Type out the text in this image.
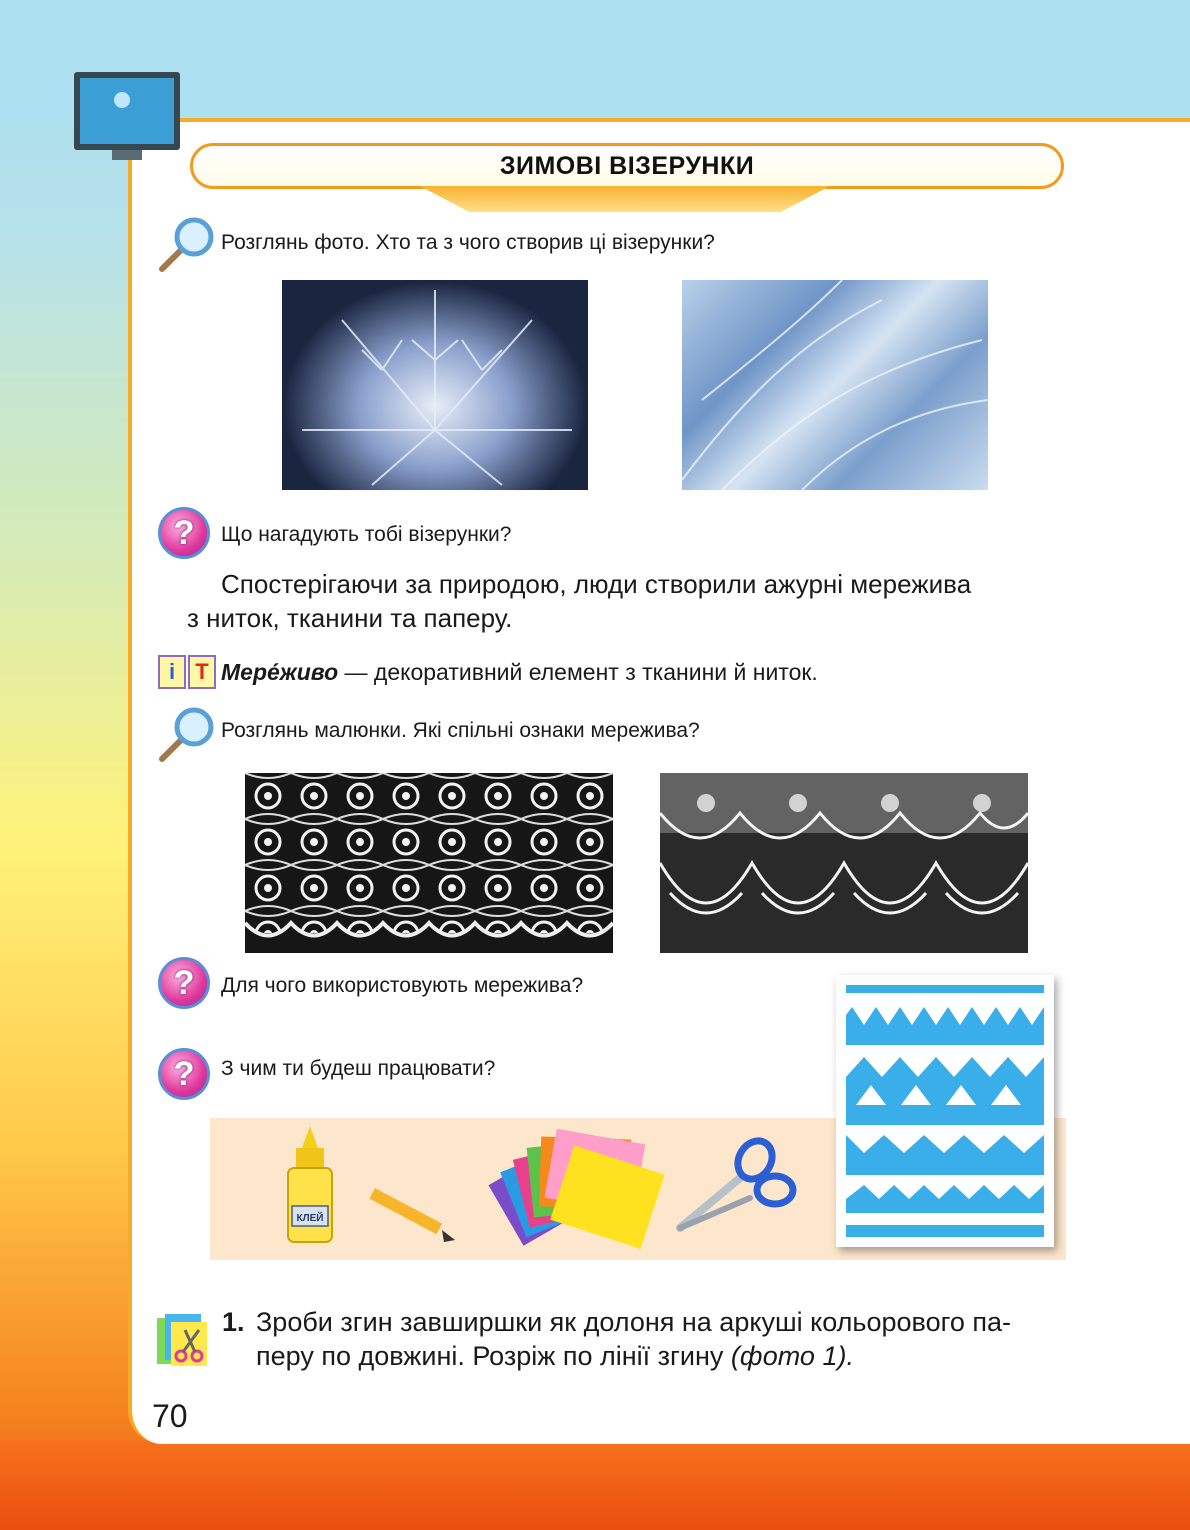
ЗИМОВІ ВІЗЕРУНКИ
Розглянь фото. Хто та з чого створив ці візерунки?
? Що нагадують тобі візерунки?
Спостерігаючи за природою, люди створили ажурні мережива
з ниток, тканини та паперу.
i T Мере́живо — декоративний елемент з тканини й ниток.
Розглянь малюнки. Які спільні ознаки мережива?
? Для чого використовують мережива?
? З чим ти будеш працювати?
КЛЕЙ
1. Зроби згин завширшки як долоня на аркуші кольорового па-
перу по довжині. Розріж по лінії згину (фото 1).
70
